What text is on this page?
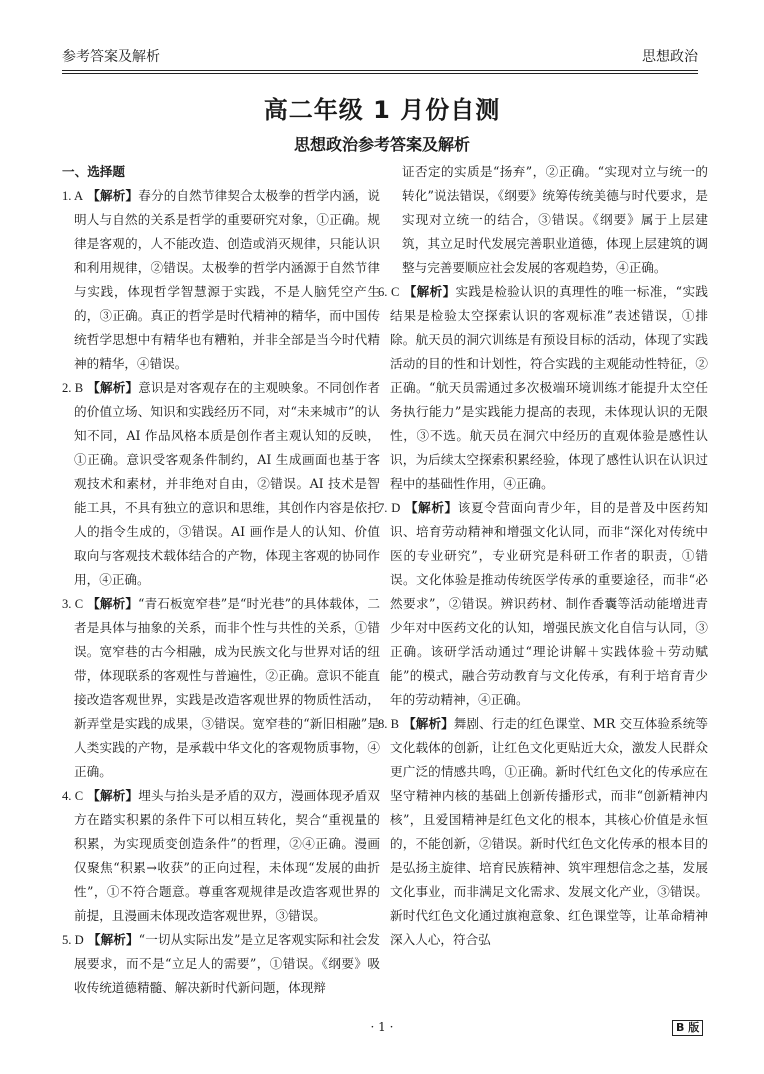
参考答案及解析	思想政治
高二年级 1 月份自测
思想政治参考答案及解析
一、选择题
1. A 【解析】春分的自然节律契合太极拳的哲学内涵，说明人与自然的关系是哲学的重要研究对象，①正确。规律是客观的，人不能改造、创造或消灭规律，只能认识和利用规律，②错误。太极拳的哲学内涵源于自然节律与实践，体现哲学智慧源于实践，不是人脑凭空产生的，③正确。真正的哲学是时代精神的精华，而中国传统哲学思想中有精华也有糟粕，并非全部是当今时代精神的精华，④错误。
2. B 【解析】意识是对客观存在的主观映象。不同创作者的价值立场、知识和实践经历不同，对“未来城市”的认知不同，AI 作品风格本质是创作者主观认知的反映，①正确。意识受客观条件制约，AI 生成画面也基于客观技术和素材，并非绝对自由，②错误。AI 技术是智能工具，不具有独立的意识和思维，其创作内容是依托人的指令生成的，③错误。AI 画作是人的认知、价值取向与客观技术载体结合的产物，体现主客观的协同作用，④正确。
3. C 【解析】“青石板宽窄巷”是“时光巷”的具体载体，二者是具体与抽象的关系，而非个性与共性的关系，①错误。宽窄巷的古今相融，成为民族文化与世界对话的纽带，体现联系的客观性与普遍性，②正确。意识不能直接改造客观世界，实践是改造客观世界的物质性活动，新弄堂是实践的成果，③错误。宽窄巷的“新旧相融”是人类实践的产物，是承载中华文化的客观物质事物，④正确。
4. C 【解析】埋头与抬头是矛盾的双方，漫画体现矛盾双方在踏实积累的条件下可以相互转化，契合“重视量的积累，为实现质变创造条件”的哲理，②④正确。漫画仅聚焦“积累→收获”的正向过程，未体现“发展的曲折性”，①不符合题意。尊重客观规律是改造客观世界的前提，且漫画未体现改造客观世界，③错误。
5. D 【解析】“一切从实际出发”是立足客观实际和社会发展要求，而不是“立足人的需要”，①错误。《纲要》吸收传统道德精髓、解决新时代新问题，体现辩
证否定的实质是“扬弃”，②正确。“实现对立与统一的转化”说法错误，《纲要》统筹传统美德与时代要求，是实现对立统一的结合，③错误。《纲要》属于上层建筑，其立足时代发展完善职业道德，体现上层建筑的调整与完善要顺应社会发展的客观趋势，④正确。
6. C 【解析】实践是检验认识的真理性的唯一标准，“实践结果是检验太空探索认识的客观标准”表述错误，①排除。航天员的洞穴训练是有预设目标的活动，体现了实践活动的目的性和计划性，符合实践的主观能动性特征，②正确。“航天员需通过多次极端环境训练才能提升太空任务执行能力”是实践能力提高的表现，未体现认识的无限性，③不选。航天员在洞穴中经历的直观体验是感性认识，为后续太空探索积累经验，体现了感性认识在认识过程中的基础性作用，④正确。
7. D 【解析】该夏令营面向青少年，目的是普及中医药知识、培育劳动精神和增强文化认同，而非“深化对传统中医的专业研究”，专业研究是科研工作者的职责，①错误。文化体验是推动传统医学传承的重要途径，而非“必然要求”，②错误。辨识药材、制作香囊等活动能增进青少年对中医药文化的认知，增强民族文化自信与认同，③正确。该研学活动通过“理论讲解＋实践体验＋劳动赋能”的模式，融合劳动教育与文化传承，有利于培育青少年的劳动精神，④正确。
8. B 【解析】舞剧、行走的红色课堂、MR 交互体验系统等文化载体的创新，让红色文化更贴近大众，激发人民群众更广泛的情感共鸣，①正确。新时代红色文化的传承应在坚守精神内核的基础上创新传播形式，而非“创新精神内核”，且爱国精神是红色文化的根本，其核心价值是永恒的，不能创新，②错误。新时代红色文化传承的根本目的是弘扬主旋律、培育民族精神、筑牢理想信念之基，发展文化事业，而非满足文化需求、发展文化产业，③错误。新时代红色文化通过旗袍意象、红色课堂等，让革命精神深入人心，符合弘
· 1 ·	B 版
